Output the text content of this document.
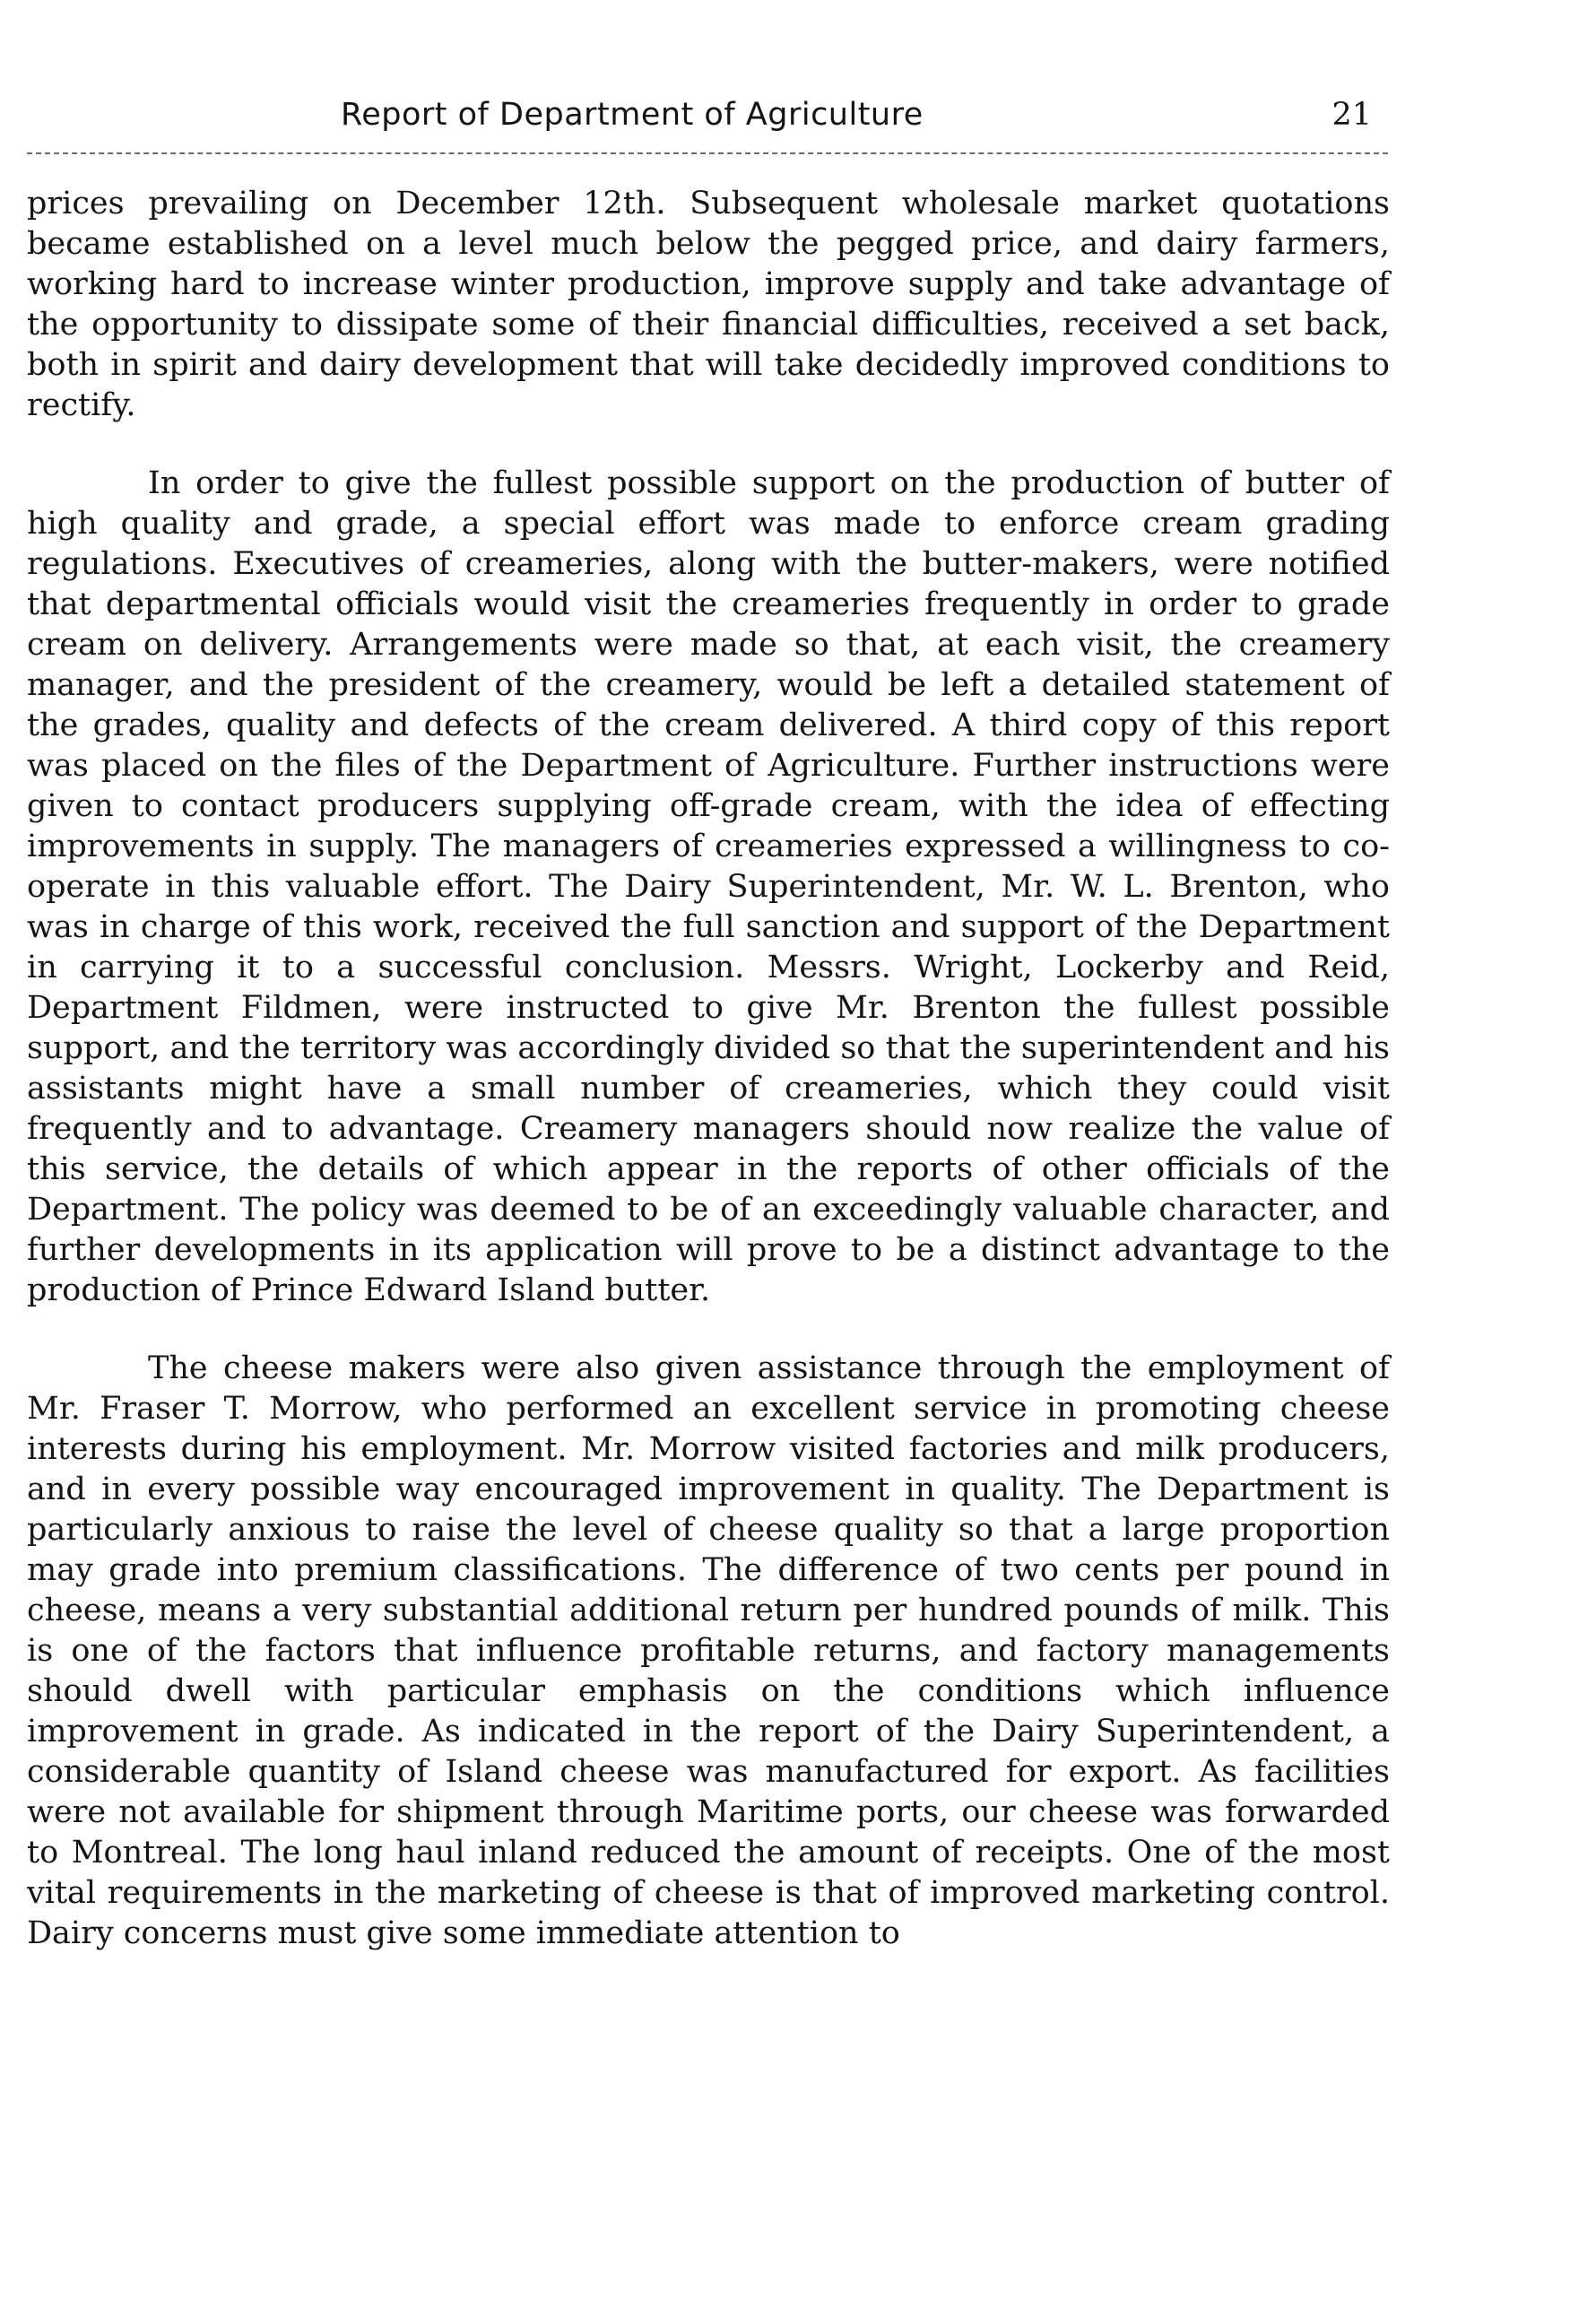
Report of Department of Agriculture	21

prices prevailing on December 12th. Subsequent wholesale market quotations became established on a level much below the pegged price, and dairy farmers, working hard to increase winter production, improve supply and take advantage of the opportunity to dissipate some of their financial difficulties, received a set back, both in spirit and dairy development that will take decidedly improved conditions to rectify.

In order to give the fullest possible support on the production of butter of high quality and grade, a special effort was made to enforce cream grading regulations. Executives of creameries, along with the butter-makers, were notified that departmental officials would visit the creameries frequently in order to grade cream on delivery. Arrangements were made so that, at each visit, the creamery manager, and the president of the creamery, would be left a detailed statement of the grades, quality and defects of the cream delivered. A third copy of this report was placed on the files of the Department of Agriculture. Further instructions were given to contact producers supplying off-grade cream, with the idea of effecting improvements in supply. The managers of creameries expressed a willingness to co-operate in this valuable effort. The Dairy Superintendent, Mr. W. L. Brenton, who was in charge of this work, received the full sanction and support of the Department in carrying it to a successful conclusion. Messrs. Wright, Lockerby and Reid, Department Fildmen, were instructed to give Mr. Brenton the fullest possible support, and the territory was accordingly divided so that the superintendent and his assistants might have a small number of creameries, which they could visit frequently and to advantage. Creamery managers should now realize the value of this service, the details of which appear in the reports of other officials of the Department. The policy was deemed to be of an exceedingly valuable character, and further developments in its application will prove to be a distinct advantage to the production of Prince Edward Island butter.

The cheese makers were also given assistance through the employment of Mr. Fraser T. Morrow, who performed an excellent service in promoting cheese interests during his employment. Mr. Morrow visited factories and milk producers, and in every possible way encouraged improvement in quality. The Department is particularly anxious to raise the level of cheese quality so that a large proportion may grade into premium classifications. The difference of two cents per pound in cheese, means a very substantial additional return per hundred pounds of milk. This is one of the factors that influence profitable returns, and factory managements should dwell with particular emphasis on the conditions which influence improvement in grade. As indicated in the report of the Dairy Superintendent, a considerable quantity of Island cheese was manufactured for export. As facilities were not available for shipment through Maritime ports, our cheese was forwarded to Montreal. The long haul inland reduced the amount of receipts. One of the most vital requirements in the marketing of cheese is that of improved marketing control. Dairy concerns must give some immediate attention to
